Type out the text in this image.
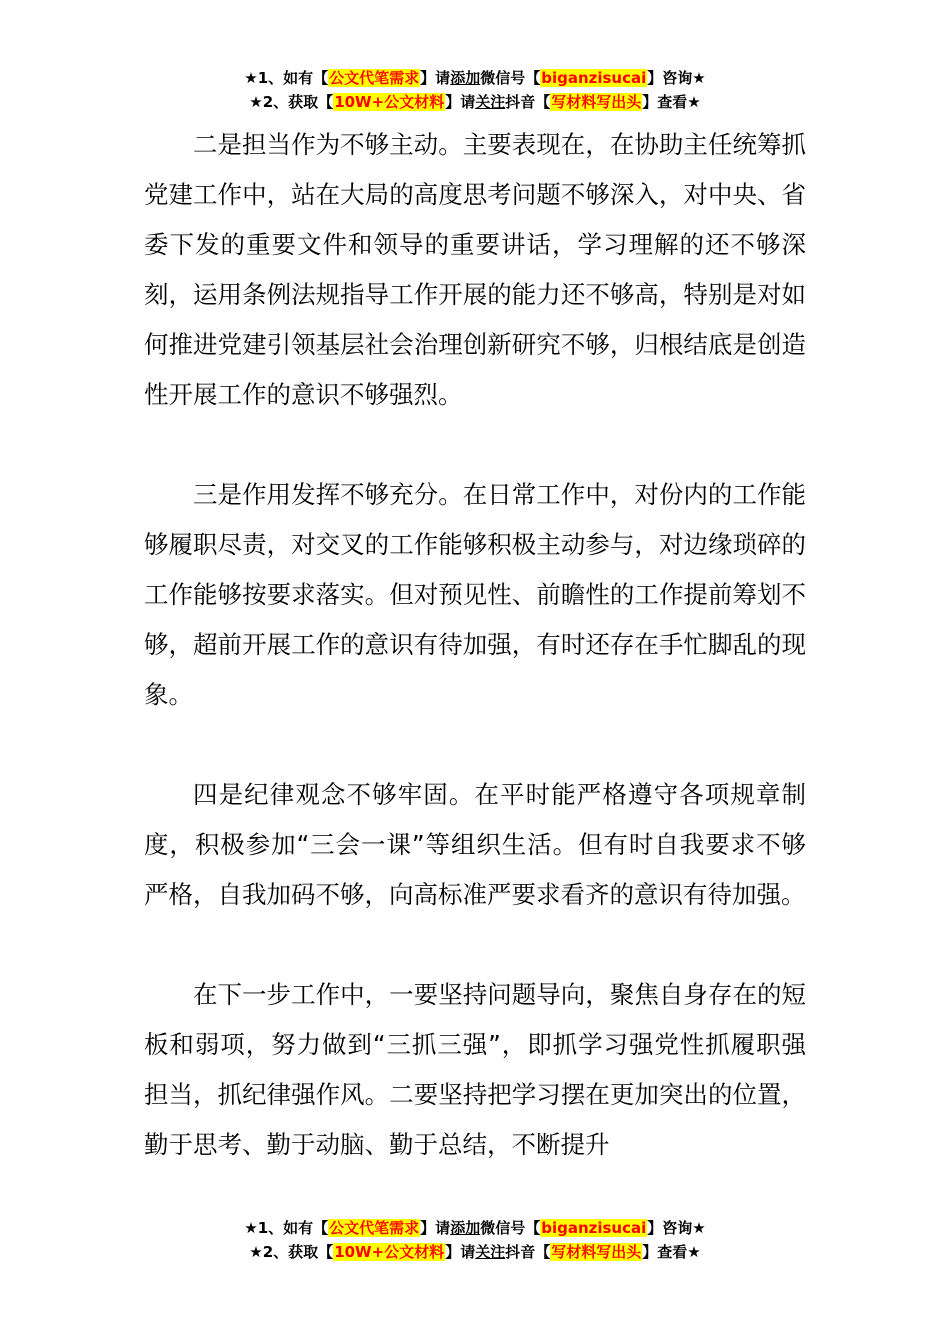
★1、如有【公文代笔需求】请添加微信号【biganzisucai】咨询★
★2、获取【10W+公文材料】请关注抖音【写材料写出头】查看★

二是担当作为不够主动。主要表现在，在协助主任统筹抓党建工作中，站在大局的高度思考问题不够深入，对中央、省委下发的重要文件和领导的重要讲话，学习理解的还不够深刻，运用条例法规指导工作开展的能力还不够高，特别是对如何推进党建引领基层社会治理创新研究不够，归根结底是创造性开展工作的意识不够强烈。

三是作用发挥不够充分。在日常工作中，对份内的工作能够履职尽责，对交叉的工作能够积极主动参与，对边缘琐碎的工作能够按要求落实。但对预见性、前瞻性的工作提前筹划不够，超前开展工作的意识有待加强，有时还存在手忙脚乱的现象。

四是纪律观念不够牢固。在平时能严格遵守各项规章制度，积极参加“三会一课”等组织生活。但有时自我要求不够严格，自我加码不够，向高标准严要求看齐的意识有待加强。

在下一步工作中，一要坚持问题导向，聚焦自身存在的短板和弱项，努力做到“三抓三强”，即抓学习强党性抓履职强担当，抓纪律强作风。二要坚持把学习摆在更加突出的位置，勤于思考、勤于动脑、勤于总结，不断提升

★1、如有【公文代笔需求】请添加微信号【biganzisucai】咨询★
★2、获取【10W+公文材料】请关注抖音【写材料写出头】查看★
